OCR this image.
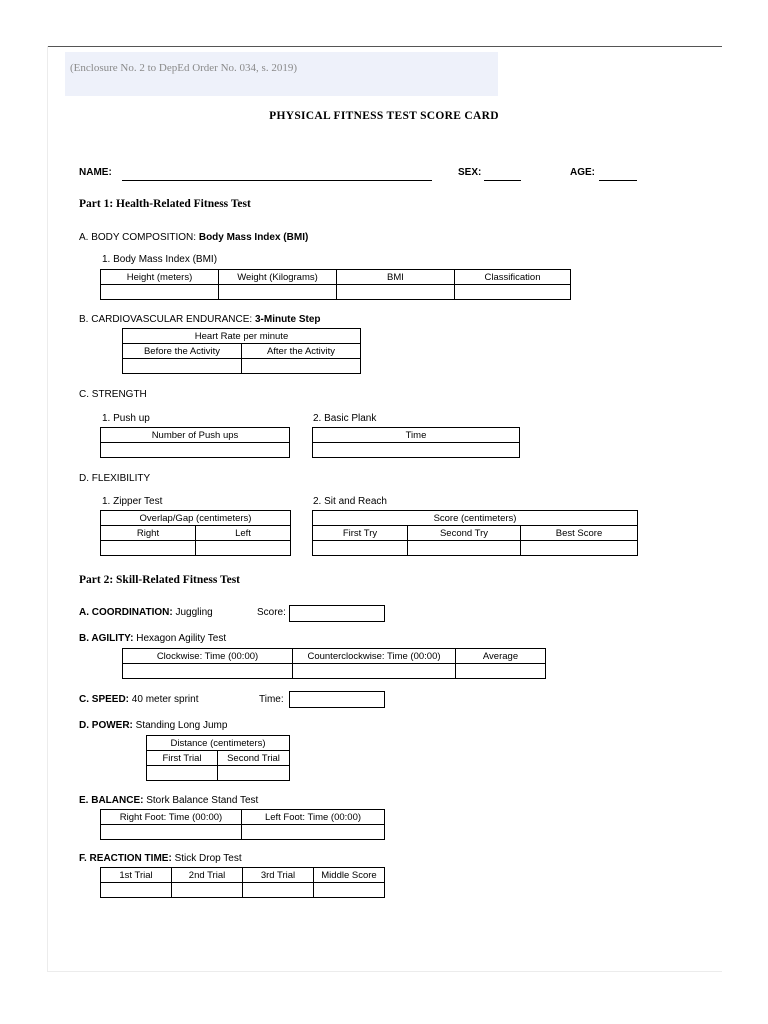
(Enclosure No. 2 to DepEd Order No. 034, s. 2019)
PHYSICAL FITNESS TEST SCORE CARD
NAME:	SEX:	AGE:
Part 1: Health-Related Fitness Test
A. BODY COMPOSITION: Body Mass Index (BMI)
1. Body Mass Index (BMI)
Height (meters)	Weight (Kilograms)	BMI	Classification

B. CARDIOVASCULAR ENDURANCE: 3-Minute Step
Heart Rate per minute	
Before the Activity	After the Activity

C. STRENGTH
1. Push up
Number of Push ups

2. Basic Plank
Time

D. FLEXIBILITY
1. Zipper Test
Overlap/Gap (centimeters)	
Right	Left

2. Sit and Reach
Score (centimeters)		
First Try	Second Try	Best Score

Part 2: Skill-Related Fitness Test
A. COORDINATION: Juggling	Score:
B. AGILITY: Hexagon Agility Test
Clockwise: Time (00:00)	Counterclockwise: Time (00:00)	Average

C. SPEED: 40 meter sprint	Time:
D. POWER: Standing Long Jump
Distance (centimeters)	
First Trial	Second Trial

E. BALANCE: Stork Balance Stand Test
Right Foot: Time (00:00)	Left Foot: Time (00:00)

F. REACTION TIME: Stick Drop Test
1st Trial	2nd Trial	3rd Trial	Middle Score
